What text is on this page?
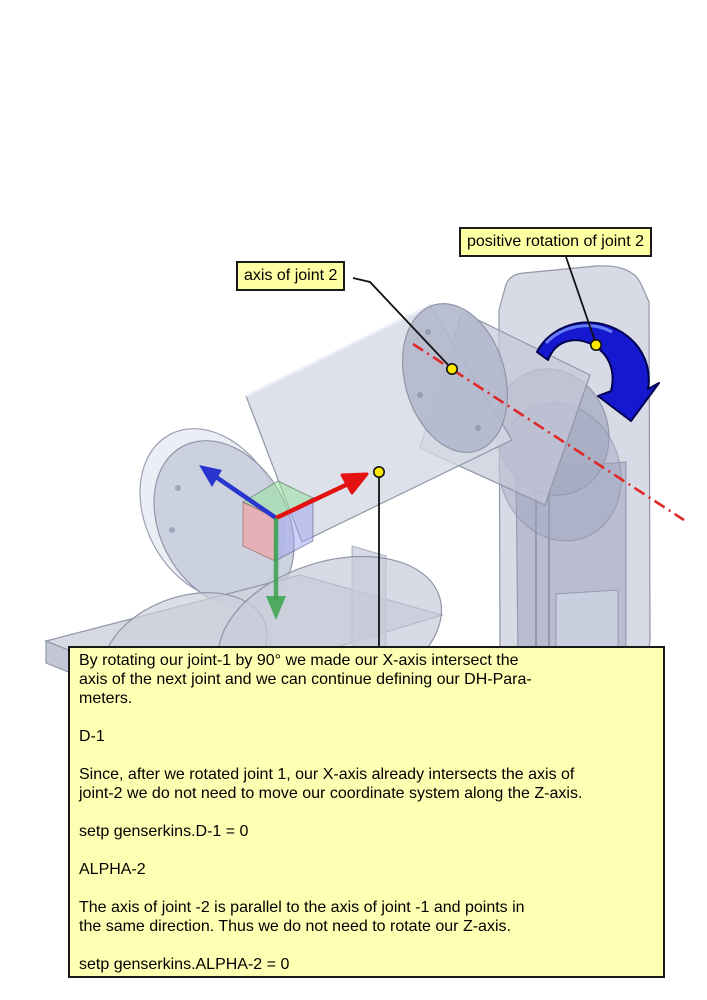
axis of joint 2
positive rotation of joint 2

By rotating our joint-1 by 90° we made our X-axis intersect the
axis of the next joint and we can continue defining our DH-Para-
meters.

D-1

Since, after we rotated joint 1, our X-axis already intersects the axis of
joint-2 we do not need to move our coordinate system along the Z-axis.

setp genserkins.D-1 = 0

ALPHA-2

The axis of joint -2 is parallel to the axis of joint -1 and points in
the same direction. Thus we do not need to rotate our Z-axis.

setp genserkins.ALPHA-2 = 0
